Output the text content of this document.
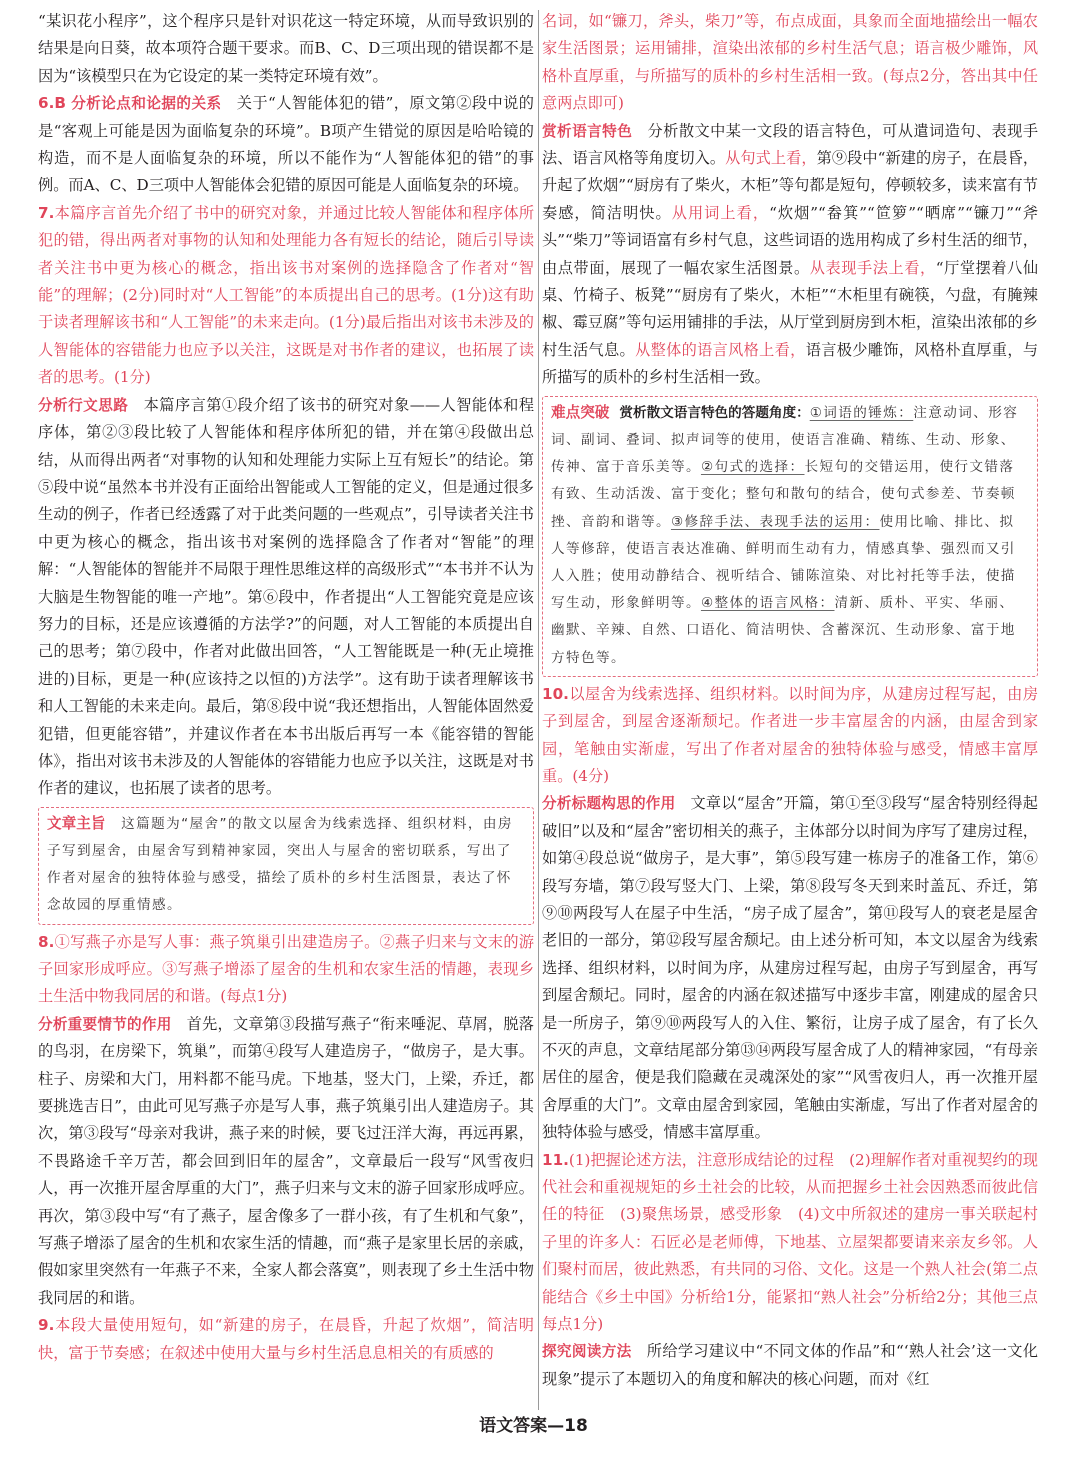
“某识花小程序”，这个程序只是针对识花这一特定环境，从而导致识别的结果是向日葵，故本项符合题干要求。而B、C、D三项出现的错误都不是因为“该模型只在为它设定的某一类特定环境有效”。

6.B 分析论点和论据的关系 关于“人智能体犯的错”，原文第②段中说的是“客观上可能是因为面临复杂的环境”。B项产生错觉的原因是哈哈镜的构造，而不是人面临复杂的环境，所以不能作为“人智能体犯的错”的事例。而A、C、D三项中人智能体会犯错的原因可能是人面临复杂的环境。

7.本篇序言首先介绍了书中的研究对象，并通过比较人智能体和程序体所犯的错，得出两者对事物的认知和处理能力各有短长的结论，随后引导读者关注书中更为核心的概念，指出该书对案例的选择隐含了作者对“智能”的理解；(2分)同时对“人工智能”的本质提出自己的思考。(1分)这有助于读者理解该书和“人工智能”的未来走向。(1分)最后指出对该书未涉及的人智能体的容错能力也应予以关注，这既是对书作者的建议，也拓展了读者的思考。(1分)

分析行文思路 本篇序言第①段介绍了该书的研究对象——人智能体和程序体，第②③段比较了人智能体和程序体所犯的错，并在第④段做出总结，从而得出两者“对事物的认知和处理能力实际上互有短长”的结论。第⑤段中说“虽然本书并没有正面给出智能或人工智能的定义，但是通过很多生动的例子，作者已经透露了对于此类问题的一些观点”，引导读者关注书中更为核心的概念，指出该书对案例的选择隐含了作者对“智能”的理解：“人智能体的智能并不局限于理性思维这样的高级形式”“本书并不认为大脑是生物智能的唯一产地”。第⑥段中，作者提出“人工智能究竟是应该努力的目标，还是应该遵循的方法学?”的问题，对人工智能的本质提出自己的思考；第⑦段中，作者对此做出回答，“人工智能既是一种(无止境推进的)目标，更是一种(应该持之以恒的)方法学”。这有助于读者理解该书和人工智能的未来走向。最后，第⑧段中说“我还想指出，人智能体固然爱犯错，但更能容错”，并建议作者在本书出版后再写一本《能容错的智能体》，指出对该书未涉及的人智能体的容错能力也应予以关注，这既是对书作者的建议，也拓展了读者的思考。

文章主旨 这篇题为“屋舍”的散文以屋舍为线索选择、组织材料，由房子写到屋舍，由屋舍写到精神家园，突出人与屋舍的密切联系，写出了作者对屋舍的独特体验与感受，描绘了质朴的乡村生活图景，表达了怀念故园的厚重情感。

8.①写燕子亦是写人事：燕子筑巢引出建造房子。②燕子归来与文末的游子回家形成呼应。③写燕子增添了屋舍的生机和农家生活的情趣，表现乡土生活中物我同居的和谐。(每点1分)

分析重要情节的作用 首先，文章第③段描写燕子“衔来唾泥、草屑，脱落的鸟羽，在房梁下，筑巢”，而第④段写人建造房子，“做房子，是大事。柱子、房梁和大门，用料都不能马虎。下地基，竖大门，上梁，乔迁，都要挑选吉日”，由此可见写燕子亦是写人事，燕子筑巢引出人建造房子。其次，第③段写“母亲对我讲，燕子来的时候，要飞过汪洋大海，再远再累，不畏路途千辛万苦，都会回到旧年的屋舍”，文章最后一段写“风雪夜归人，再一次推开屋舍厚重的大门”，燕子归来与文末的游子回家形成呼应。再次，第③段中写“有了燕子，屋舍像多了一群小孩，有了生机和气象”，写燕子增添了屋舍的生机和农家生活的情趣，而“燕子是家里长居的亲戚，假如家里突然有一年燕子不来，全家人都会落寞”，则表现了乡土生活中物我同居的和谐。

9.本段大量使用短句，如“新建的房子，在晨昏，升起了炊烟”，简洁明快，富于节奏感；在叙述中使用大量与乡村生活息息相关的有质感的

名词，如“镰刀，斧头，柴刀”等，布点成面，具象而全面地描绘出一幅农家生活图景；运用铺排，渲染出浓郁的乡村生活气息；语言极少雕饰，风格朴直厚重，与所描写的质朴的乡村生活相一致。(每点2分，答出其中任意两点即可)

赏析语言特色 分析散文中某一文段的语言特色，可从遣词造句、表现手法、语言风格等角度切入。从句式上看，第⑨段中“新建的房子，在晨昏，升起了炊烟”“厨房有了柴火，木柜”等句都是短句，停顿较多，读来富有节奏感，简洁明快。从用词上看，“炊烟”“畚箕”“笸箩”“晒席”“镰刀”“斧头”“柴刀”等词语富有乡村气息，这些词语的选用构成了乡村生活的细节，由点带面，展现了一幅农家生活图景。从表现手法上看，“厅堂摆着八仙桌、竹椅子、板凳”“厨房有了柴火，木柜”“木柜里有碗筷，勺盘，有腌辣椒、霉豆腐”等句运用铺排的手法，从厅堂到厨房到木柜，渲染出浓郁的乡村生活气息。从整体的语言风格上看，语言极少雕饰，风格朴直厚重，与所描写的质朴的乡村生活相一致。

难点突破 赏析散文语言特色的答题角度：①词语的锤炼：注意动词、形容词、副词、叠词、拟声词等的使用，使语言准确、精练、生动、形象、传神、富于音乐美等。②句式的选择：长短句的交错运用，使行文错落有致、生动活泼、富于变化；整句和散句的结合，使句式参差、节奏顿挫、音韵和谐等。③修辞手法、表现手法的运用：使用比喻、排比、拟人等修辞，使语言表达准确、鲜明而生动有力，情感真挚、强烈而又引人入胜；使用动静结合、视听结合、铺陈渲染、对比衬托等手法，使描写生动，形象鲜明等。④整体的语言风格：清新、质朴、平实、华丽、幽默、辛辣、自然、口语化、简洁明快、含蓄深沉、生动形象、富于地方特色等。

10.以屋舍为线索选择、组织材料。以时间为序，从建房过程写起，由房子到屋舍，到屋舍逐渐颓圮。作者进一步丰富屋舍的内涵，由屋舍到家园，笔触由实渐虚，写出了作者对屋舍的独特体验与感受，情感丰富厚重。(4分)

分析标题构思的作用 文章以“屋舍”开篇，第①至③段写“屋舍特别经得起破旧”以及和“屋舍”密切相关的燕子，主体部分以时间为序写了建房过程，如第④段总说“做房子，是大事”，第⑤段写建一栋房子的准备工作，第⑥段写夯墙，第⑦段写竖大门、上梁，第⑧段写冬天到来时盖瓦、乔迁，第⑨⑩两段写人在屋子中生活，“房子成了屋舍”，第⑪段写人的衰老是屋舍老旧的一部分，第⑫段写屋舍颓圮。由上述分析可知，本文以屋舍为线索选择、组织材料，以时间为序，从建房过程写起，由房子写到屋舍，再写到屋舍颓圮。同时，屋舍的内涵在叙述描写中逐步丰富，刚建成的屋舍只是一所房子，第⑨⑩两段写人的入住、繁衍，让房子成了屋舍，有了长久不灭的声息，文章结尾部分第⑬⑭两段写屋舍成了人的精神家园，“有母亲居住的屋舍，便是我们隐藏在灵魂深处的家”“风雪夜归人，再一次推开屋舍厚重的大门”。文章由屋舍到家园，笔触由实渐虚，写出了作者对屋舍的独特体验与感受，情感丰富厚重。

11.(1)把握论述方法，注意形成结论的过程　(2)理解作者对重视契约的现代社会和重视规矩的乡土社会的比较，从而把握乡土社会因熟悉而彼此信任的特征　(3)聚焦场景，感受形象　(4)文中所叙述的建房一事关联起村子里的许多人：石匠必是老师傅，下地基、立屋架都要请来亲友乡邻。人们聚村而居，彼此熟悉，有共同的习俗、文化。这是一个熟人社会(第二点能结合《乡土中国》分析给1分，能紧扣“熟人社会”分析给2分；其他三点每点1分)

探究阅读方法 所给学习建议中“不同文体的作品”和“‘熟人社会’这一文化现象”提示了本题切入的角度和解决的核心问题，而对《红

语文答案—18
